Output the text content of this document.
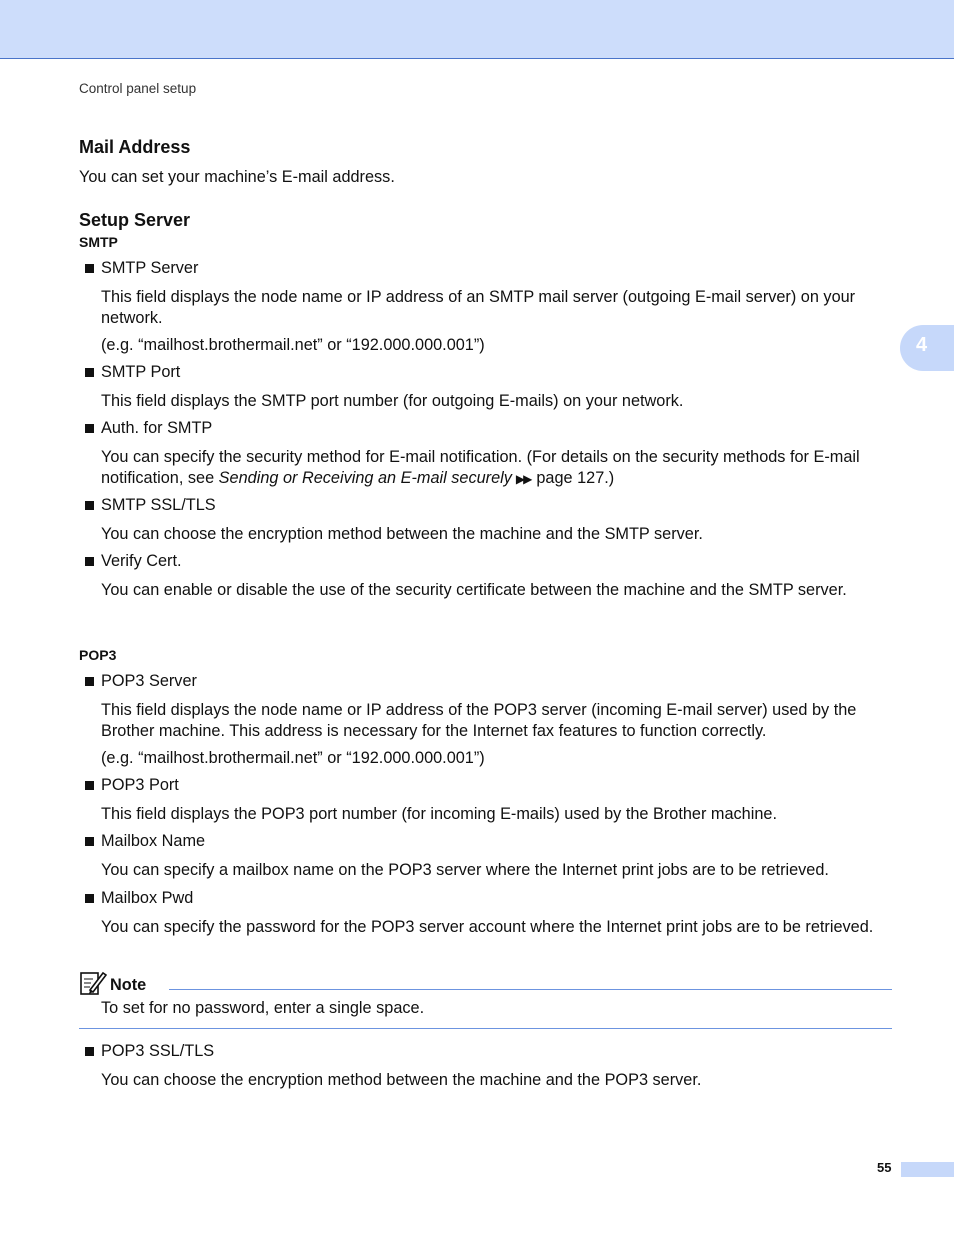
Control panel setup
4
Mail Address
You can set your machine’s E-mail address.
Setup Server
SMTP
SMTP Server
This field displays the node name or IP address of an SMTP mail server (outgoing E-mail server) on your network.
(e.g. “mailhost.brothermail.net” or “192.000.000.001”)
SMTP Port
This field displays the SMTP port number (for outgoing E-mails) on your network.
Auth. for SMTP
You can specify the security method for E-mail notification. (For details on the security methods for E-mail notification, see Sending or Receiving an E-mail securely ▶▶ page 127.)
SMTP SSL/TLS
You can choose the encryption method between the machine and the SMTP server.
Verify Cert.
You can enable or disable the use of the security certificate between the machine and the SMTP server.
POP3
POP3 Server
This field displays the node name or IP address of the POP3 server (incoming E-mail server) used by the Brother machine. This address is necessary for the Internet fax features to function correctly.
(e.g. “mailhost.brothermail.net” or “192.000.000.001”)
POP3 Port
This field displays the POP3 port number (for incoming E-mails) used by the Brother machine.
Mailbox Name
You can specify a mailbox name on the POP3 server where the Internet print jobs are to be retrieved.
Mailbox Pwd
You can specify the password for the POP3 server account where the Internet print jobs are to be retrieved.
Note
To set for no password, enter a single space.
POP3 SSL/TLS
You can choose the encryption method between the machine and the POP3 server.
55
